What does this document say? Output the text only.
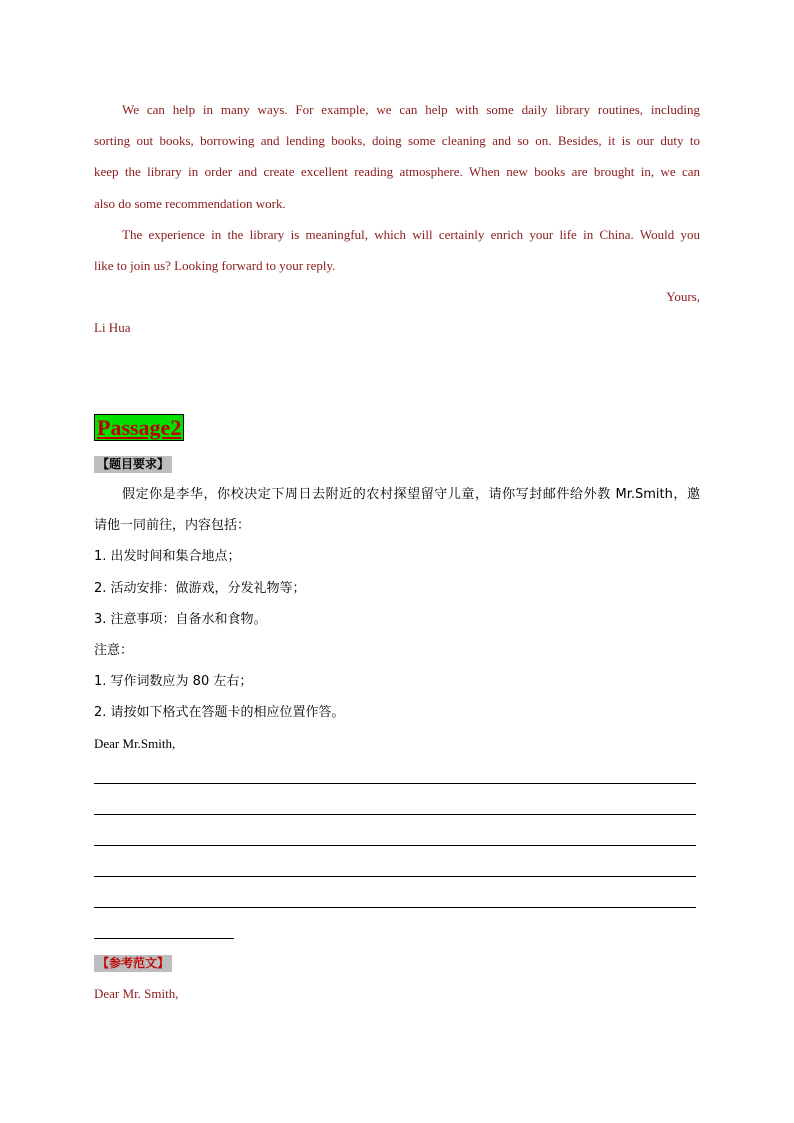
We can help in many ways. For example, we can help with some daily library routines, including
sorting out books, borrowing and lending books, doing some cleaning and so on. Besides, it is our duty to
keep the library in order and create excellent reading atmosphere. When new books are brought in, we can
also do some recommendation work.
The experience in the library is meaningful, which will certainly enrich your life in China. Would you
like to join us? Looking forward to your reply.
Yours,
Li Hua
Passage2
【题目要求】
假定你是李华，你校决定下周日去附近的农村探望留守儿童，请你写封邮件给外教 Mr.Smith，邀
请他一同前往，内容包括：
1. 出发时间和集合地点；
2. 活动安排：做游戏，分发礼物等；
3. 注意事项：自备水和食物。
注意：
1. 写作词数应为 80 左右；
2. 请按如下格式在答题卡的相应位置作答。
Dear Mr.Smith,
【参考范文】
Dear Mr. Smith,
